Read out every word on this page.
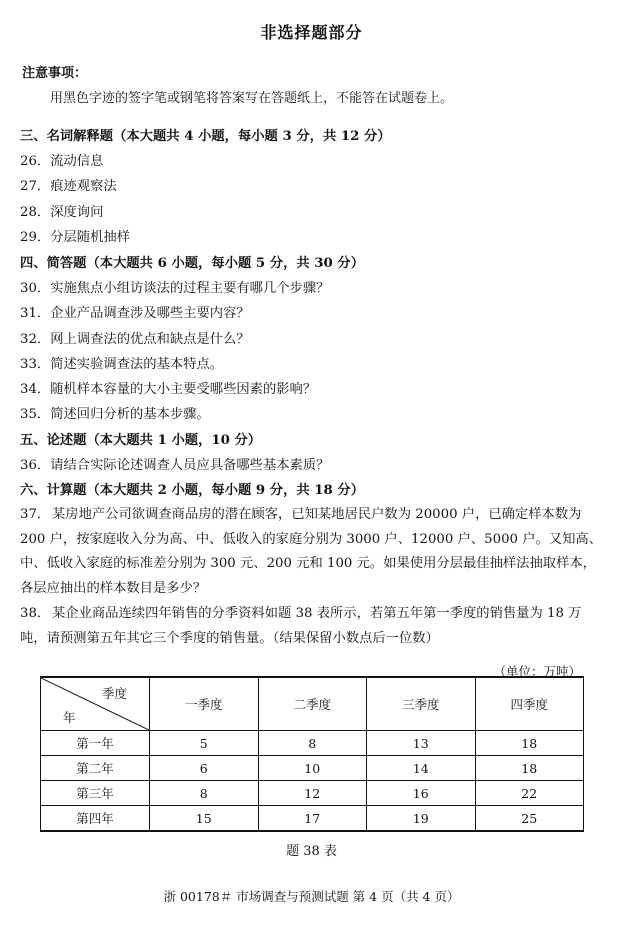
非选择题部分
注意事项：
用黑色字迹的签字笔或钢笔将答案写在答题纸上，不能答在试题卷上。
三、名词解释题（本大题共 4 小题，每小题 3 分，共 12 分）
26．流动信息
27．痕迹观察法
28．深度询问
29．分层随机抽样
四、简答题（本大题共 6 小题，每小题 5 分，共 30 分）
30．实施焦点小组访谈法的过程主要有哪几个步骤？
31．企业产品调查涉及哪些主要内容？
32．网上调查法的优点和缺点是什么？
33．简述实验调查法的基本特点。
34．随机样本容量的大小主要受哪些因素的影响？
35．简述回归分析的基本步骤。
五、论述题（本大题共 1 小题，10 分）
36．请结合实际论述调查人员应具备哪些基本素质？
六、计算题（本大题共 2 小题，每小题 9 分，共 18 分）
37． 某房地产公司欲调查商品房的潜在顾客，已知某地居民户数为 20000 户，已确定样本数为 200 户，按家庭收入分为高、中、低收入的家庭分别为 3000 户、12000 户、5000 户。又知高、中、低收入家庭的标准差分别为 300 元、200 元和 100 元。如果使用分层最佳抽样法抽取样本，各层应抽出的样本数目是多少？
38． 某企业商品连续四年销售的分季资料如题 38 表所示，若第五年第一季度的销售量为 18 万吨，请预测第五年其它三个季度的销售量。（结果保留小数点后一位数）
（单位：万吨）
季度
年	一季度	二季度	三季度	四季度
第一年	5	8	13	18
第二年	6	10	14	18
第三年	8	12	16	22
第四年	15	17	19	25
题 38 表
浙 00178＃ 市场调查与预测试题 第 4 页（共 4 页）
